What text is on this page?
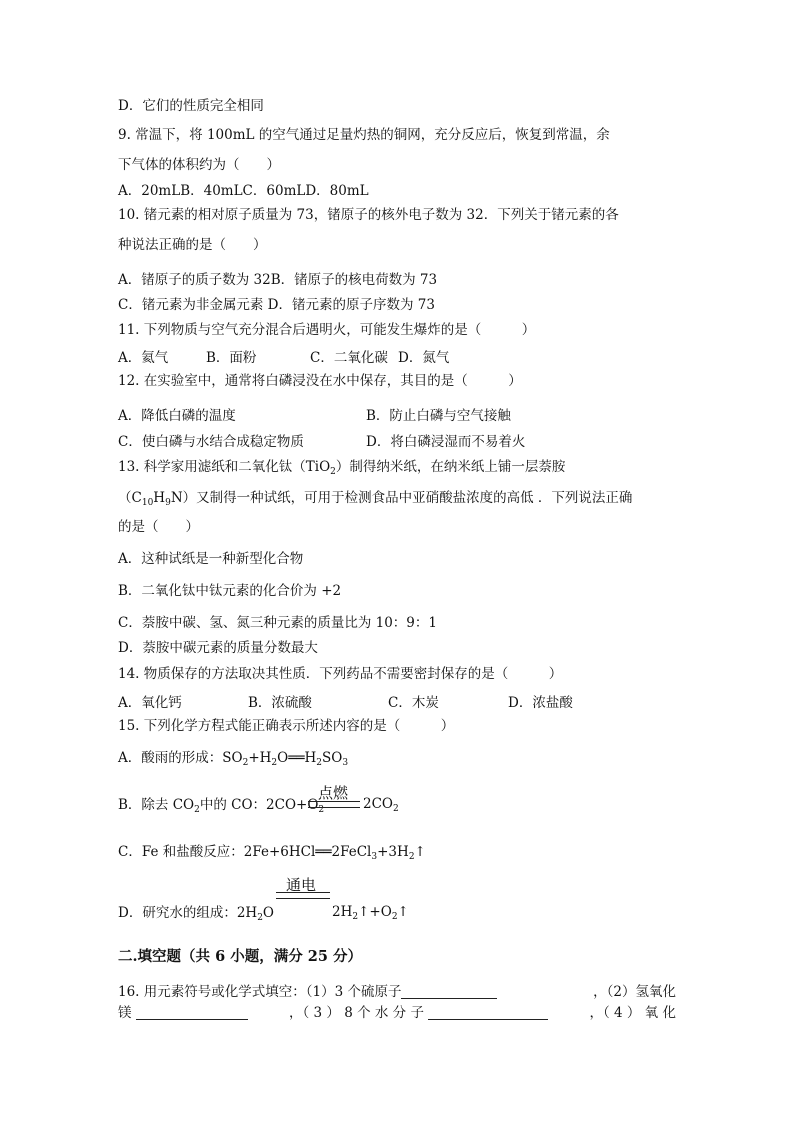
D．它们的性质完全相同
9. 常温下，将 100mL 的空气通过足量灼热的铜网，充分反应后，恢复到常温，余
下气体的体积约为（　　）
A．20mLB．40mLC．60mLD．80mL
10. 锗元素的相对原子质量为 73，锗原子的核外电子数为 32．下列关于锗元素的各
种说法正确的是（　　）
A．锗原子的质子数为 32B．锗原子的核电荷数为 73
C．锗元素为非金属元素 D．锗元素的原子序数为 73
11. 下列物质与空气充分混合后遇明火，可能发生爆炸的是（　　　）
A．氦气	B．面粉	C．二氧化碳 D．氮气
12. 在实验室中，通常将白磷浸没在水中保存，其目的是（　　　）
A．降低白磷的温度	B．防止白磷与空气接触
C．使白磷与水结合成稳定物质	D．将白磷浸湿而不易着火
13. 科学家用滤纸和二氧化钛（TiO$_2$）制得纳米纸，在纳米纸上铺一层萘胺
$(C_{10}H_9N)$又制得一种试纸，可用于检测食品中亚硝酸盐浓度的高低 ．下列说法正确
的是（　　）
A．这种试纸是一种新型化合物
B．二氧化钛中钛元素的化合价为 +2
C．萘胺中碳、氢、氮三种元素的质量比为 10：9：1
D．萘胺中碳元素的质量分数最大
14. 物质保存的方法取决其性质．下列药品不需要密封保存的是（　　　）
A．氧化钙	B．浓硫酸	C．木炭	D．浓盐酸
15. 下列化学方程式能正确表示所述内容的是（　　　）
A．酸雨的形成：$SO_2+H_2O══H_2SO_3$
B．除去 $CO_2$中的 CO：$2CO+O_2$
点燃
$2CO_2$
C．Fe 和盐酸反应：$2Fe+6HCl══2FeCl_3+3H_2↑$
通电
D．研究水的组成：$2H_2O$	$2H_2↑+O_2↑$
二.填空题（共 6 小题，满分 25 分）
16. 用元素符号或化学式填空：（1）3 个硫原子	，（2）氢氧化
镁	，（ 3 ） 8 个 水 分 子	，（ 4 ） 氧 化
